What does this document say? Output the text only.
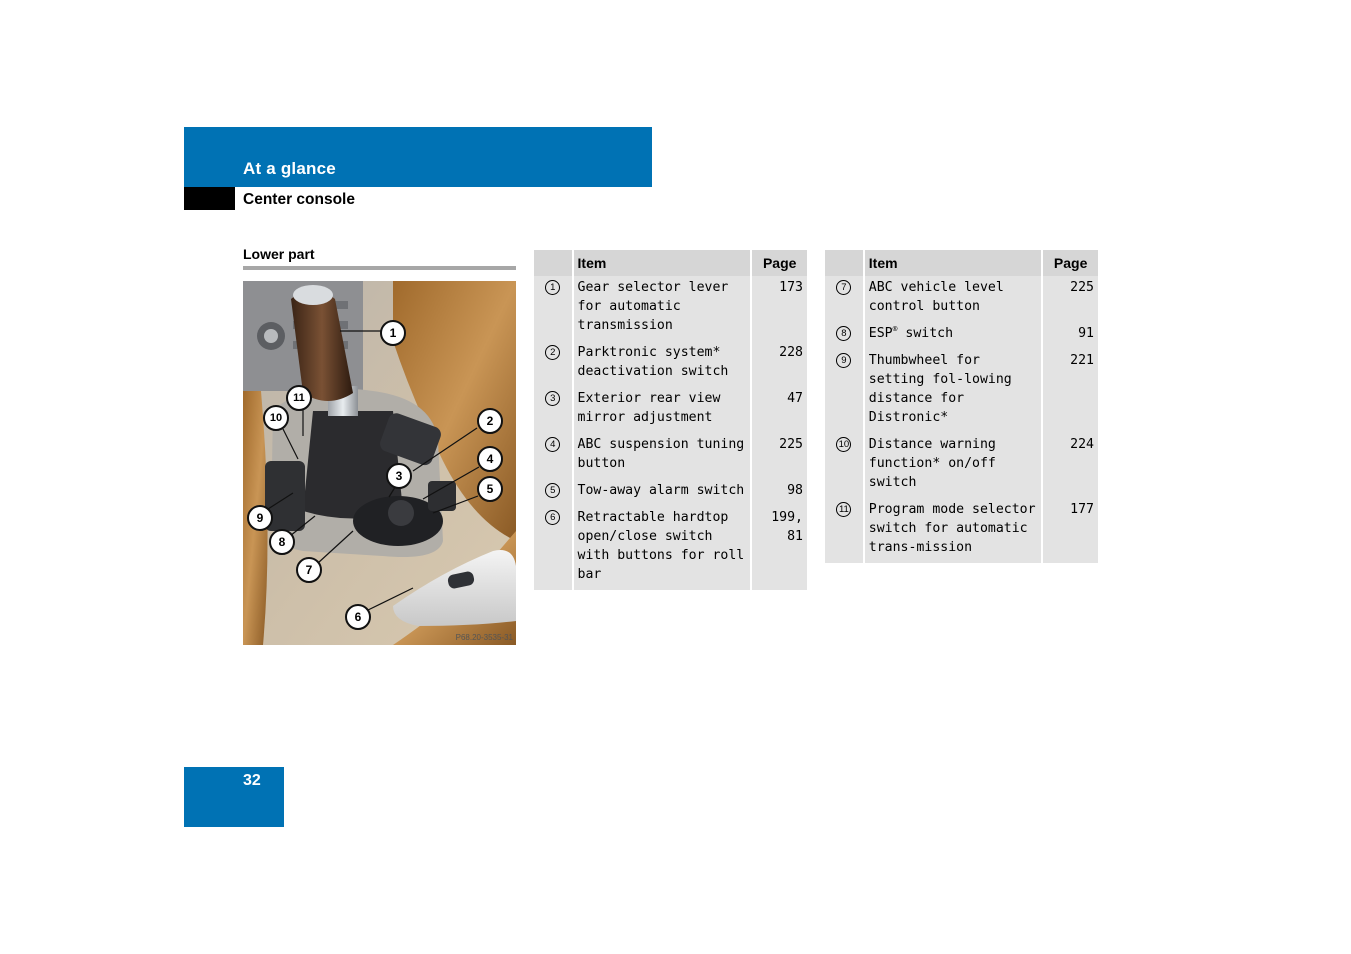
At a glance
Center console
Lower part
1
2
3
4
5
6
7
8
9
10
11
P68.20-3535-31
	Item	Page
1	Gear selector lever for automatic transmission	173
2	Parktronic system* deactivation switch	228
3	Exterior rear view mirror adjustment	47
4	ABC suspension tuning button	225
5	Tow-away alarm switch	98
6	Retractable hardtop open/close switch with buttons for roll bar	199, 81
	Item	Page
7	ABC vehicle level control button	225
8	ESP® switch	91
9	Thumbwheel for setting fol-lowing distance for Distronic*	221
10	Distance warning function* on/off switch	224
11	Program mode selector switch for automatic trans-mission	177
32
